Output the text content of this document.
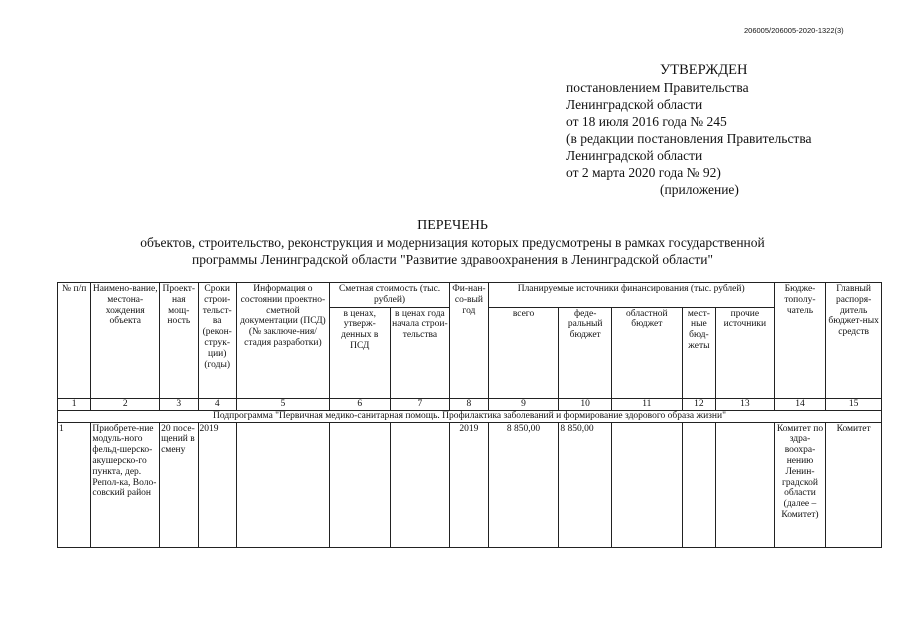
206005/206005-2020-1322(3)
УТВЕРЖДЕН
постановлением Правительства
Ленинградской области
от 18 июля 2016 года № 245
(в редакции постановления Правительства
Ленинградской области
от 2 марта 2020 года № 92)
(приложение)
ПЕРЕЧЕНЬ
объектов, строительство, реконструкция и модернизация которых предусмотрены в рамках государственной
программы Ленинградской области "Развитие здравоохранения в Ленинградской области"
№ п/п	Наимено-вание, местона-хождения объекта	Проект-ная мощ-ность	Сроки строи-тельст-ва (рекон-струк-ции) (годы)	Информация о состоянии проектно-сметной документации (ПСД) (№ заключе-ния/стадия разработки)	Сметная стоимость (тыс. рублей)		Фи-нан-со-вый год	Планируемые источники финансирования (тыс. рублей)					Бюдже-тополу-чатель	Главный распоря-дитель бюджет-ных средств
					в ценах, утверж-денных в ПСД	в ценах года начала строи-тельства		всего	феде-ральный бюджет	областной бюджет	мест-ные бюд-жеты	прочие источники		
1	2	3	4	5	6	7	8	9	10	11	12	13	14	15
Подпрограмма "Первичная медико-санитарная помощь. Профилактика заболеваний и формирование здорового образа жизни"														
1	Приобрете-ние модуль-ного фельд-шерско-акушерско-го пункта, дер. Репол-ка, Воло-совский район	20 посе-щений в смену	2019				2019	8 850,00	8 850,00				Комитет по здра-воохра-нению Ленин-градской области (далее – Комитет)	Комитет
